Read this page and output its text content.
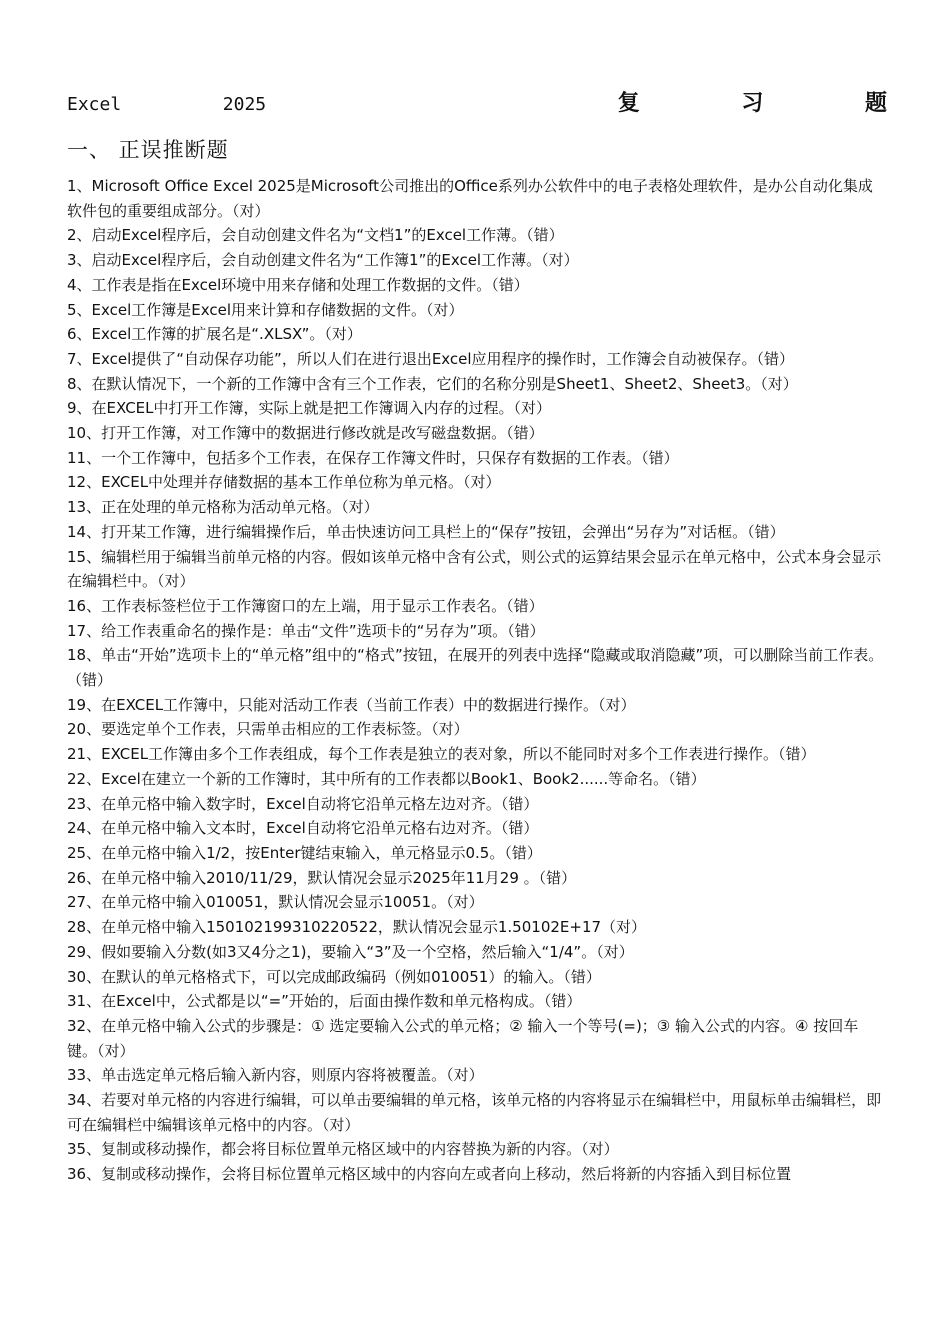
Excel	2025	复	习	题
一、 正误推断题

1、Microsoft Office Excel 2025是Microsoft公司推出的Office系列办公软件中的电子表格处理软件，是办公自动化集成软件包的重要组成部分。（对）

2、启动Excel程序后，会自动创建文件名为“文档1”的Excel工作薄。（错）

3、启动Excel程序后，会自动创建文件名为“工作簿1”的Excel工作薄。（对）

4、工作表是指在Excel环境中用来存储和处理工作数据的文件。（错）

5、Excel工作簿是Excel用来计算和存储数据的文件。（对）

6、Excel工作簿的扩展名是“.XLSX”。（对）

7、Excel提供了“自动保存功能”，所以人们在进行退出Excel应用程序的操作时，工作簿会自动被保存。（错）

8、在默认情况下，一个新的工作簿中含有三个工作表，它们的名称分别是Sheet1、Sheet2、Sheet3。（对）

9、在EXCEL中打开工作簿，实际上就是把工作簿调入内存的过程。（对）

10、打开工作簿，对工作簿中的数据进行修改就是改写磁盘数据。（错）

11、一个工作簿中，包括多个工作表，在保存工作簿文件时，只保存有数据的工作表。（错）

12、EXCEL中处理并存储数据的基本工作单位称为单元格。（对）

13、正在处理的单元格称为活动单元格。（对）

14、打开某工作簿，进行编辑操作后，单击快速访问工具栏上的“保存”按钮，会弹出“另存为”对话框。（错）

15、编辑栏用于编辑当前单元格的内容。假如该单元格中含有公式，则公式的运算结果会显示在单元格中，公式本身会显示在编辑栏中。（对）

16、工作表标签栏位于工作簿窗口的左上端，用于显示工作表名。（错）

17、给工作表重命名的操作是：单击“文件”选项卡的“另存为”项。（错）

18、单击“开始”选项卡上的“单元格”组中的“格式”按钮，在展开的列表中选择“隐藏或取消隐藏”项，可以删除当前工作表。（错）

19、在EXCEL工作簿中，只能对活动工作表（当前工作表）中的数据进行操作。（对）

20、要选定单个工作表，只需单击相应的工作表标签。（对）

21、EXCEL工作簿由多个工作表组成，每个工作表是独立的表对象，所以不能同时对多个工作表进行操作。（错）

22、Excel在建立一个新的工作簿时，其中所有的工作表都以Book1、Book2......等命名。（错）

23、在单元格中输入数字时，Excel自动将它沿单元格左边对齐。（错）

24、在单元格中输入文本时，Excel自动将它沿单元格右边对齐。（错）

25、在单元格中输入1/2，按Enter键结束输入，单元格显示0.5。（错）

26、在单元格中输入2010/11/29，默认情况会显示2025年11月29 。（错）

27、在单元格中输入010051，默认情况会显示10051。（对）

28、在单元格中输入150102199310220522，默认情况会显示1.50102E+17（对）

29、假如要输入分数(如3又4分之1)，要输入“3”及一个空格，然后输入“1/4”。（对）

30、在默认的单元格格式下，可以完成邮政编码（例如010051）的输入。（错）

31、在Excel中，公式都是以“=”开始的，后面由操作数和单元格构成。（错）

32、在单元格中输入公式的步骤是：① 选定要输入公式的单元格；② 输入一个等号(=)；③ 输入公式的内容。④ 按回车键。（对）

33、单击选定单元格后输入新内容，则原内容将被覆盖。（对）

34、若要对单元格的内容进行编辑，可以单击要编辑的单元格，该单元格的内容将显示在编辑栏中，用鼠标单击编辑栏，即可在编辑栏中编辑该单元格中的内容。（对）

35、复制或移动操作，都会将目标位置单元格区域中的内容替换为新的内容。（对）

36、复制或移动操作，会将目标位置单元格区域中的内容向左或者向上移动，然后将新的内容插入到目标位置
